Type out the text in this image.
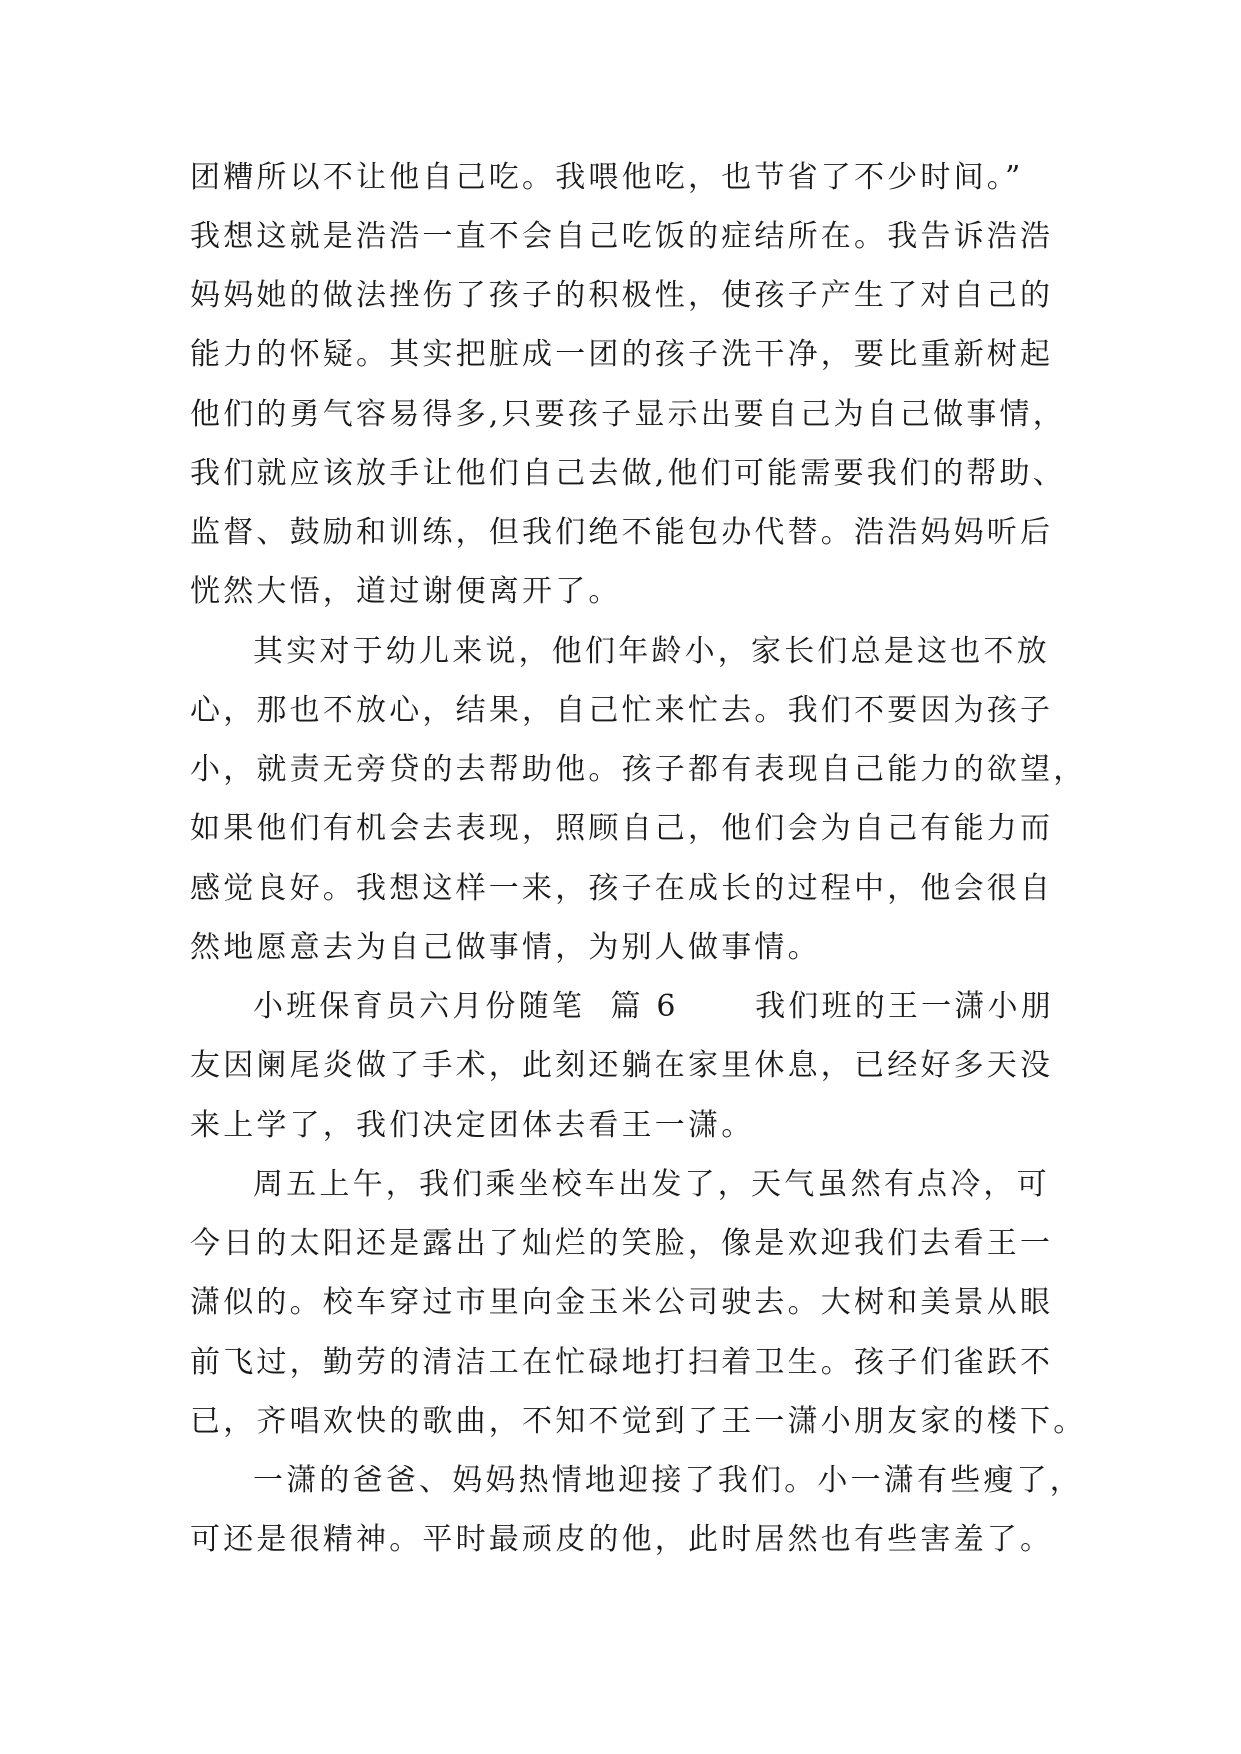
团糟所以不让他自己吃。我喂他吃，也节省了不少时间。”
我想这就是浩浩一直不会自己吃饭的症结所在。我告诉浩浩
妈妈她的做法挫伤了孩子的积极性，使孩子产生了对自己的
能力的怀疑。其实把脏成一团的孩子洗干净，要比重新树起
他们的勇气容易得多,只要孩子显示出要自己为自己做事情，
我们就应该放手让他们自己去做,他们可能需要我们的帮助、
监督、鼓励和训练，但我们绝不能包办代替。浩浩妈妈听后
恍然大悟，道过谢便离开了。
其实对于幼儿来说，他们年龄小，家长们总是这也不放
心，那也不放心，结果，自己忙来忙去。我们不要因为孩子
小，就责无旁贷的去帮助他。孩子都有表现自己能力的欲望，
如果他们有机会去表现，照顾自己，他们会为自己有能力而
感觉良好。我想这样一来，孩子在成长的过程中，他会很自
然地愿意去为自己做事情，为别人做事情。
小班保育员六月份随笔  篇 6      我们班的王一潇小朋
友因阑尾炎做了手术，此刻还躺在家里休息，已经好多天没
来上学了，我们决定团体去看王一潇。
周五上午，我们乘坐校车出发了，天气虽然有点冷，可
今日的太阳还是露出了灿烂的笑脸，像是欢迎我们去看王一
潇似的。校车穿过市里向金玉米公司驶去。大树和美景从眼
前飞过，勤劳的清洁工在忙碌地打扫着卫生。孩子们雀跃不
已，齐唱欢快的歌曲，不知不觉到了王一潇小朋友家的楼下。
一潇的爸爸、妈妈热情地迎接了我们。小一潇有些瘦了，
可还是很精神。平时最顽皮的他，此时居然也有些害羞了。
